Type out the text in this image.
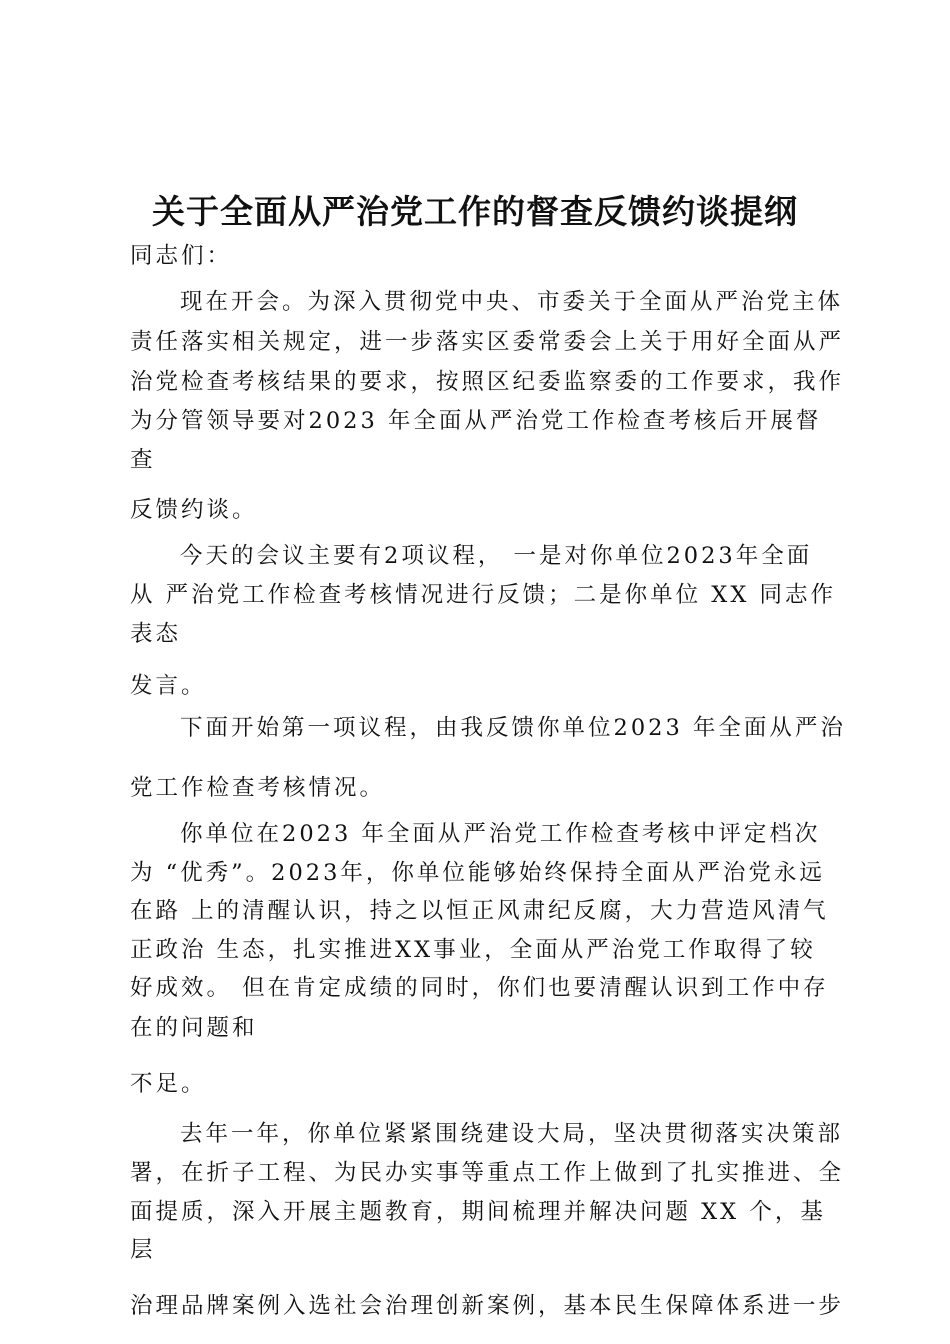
关于全面从严治党工作的督查反馈约谈提纲

同志们：

现在开会。为深入贯彻党中央、市委关于全面从严治党主体

责任落实相关规定，进一步落实区委常委会上关于用好全面从严

治党检查考核结果的要求，按照区纪委监察委的工作要求，我作

为分管领导要对2023 年全面从严治党工作检查考核后开展督

查

反馈约谈。

今天的会议主要有2项议程， 一是对你单位2023年全面

从 严治党工作检查考核情况进行反馈；二是你单位 XX 同志作

表态

发言。

下面开始第一项议程，由我反馈你单位2023 年全面从严治

党工作检查考核情况。

你单位在2023 年全面从严治党工作检查考核中评定档次

为 “优秀”。2023年，你单位能够始终保持全面从严治党永远

在路 上的清醒认识，持之以恒正风肃纪反腐，大力营造风清气

正政治 生态，扎实推进XX事业，全面从严治党工作取得了较

好成效。 但在肯定成绩的同时，你们也要清醒认识到工作中存

在的问题和

不足。

去年一年，你单位紧紧围绕建设大局，坚决贯彻落实决策部

署，在折子工程、为民办实事等重点工作上做到了扎实推进、全

面提质，深入开展主题教育，期间梳理并解决问题 XX 个，基

层

治理品牌案例入选社会治理创新案例，基本民生保障体系进一步
